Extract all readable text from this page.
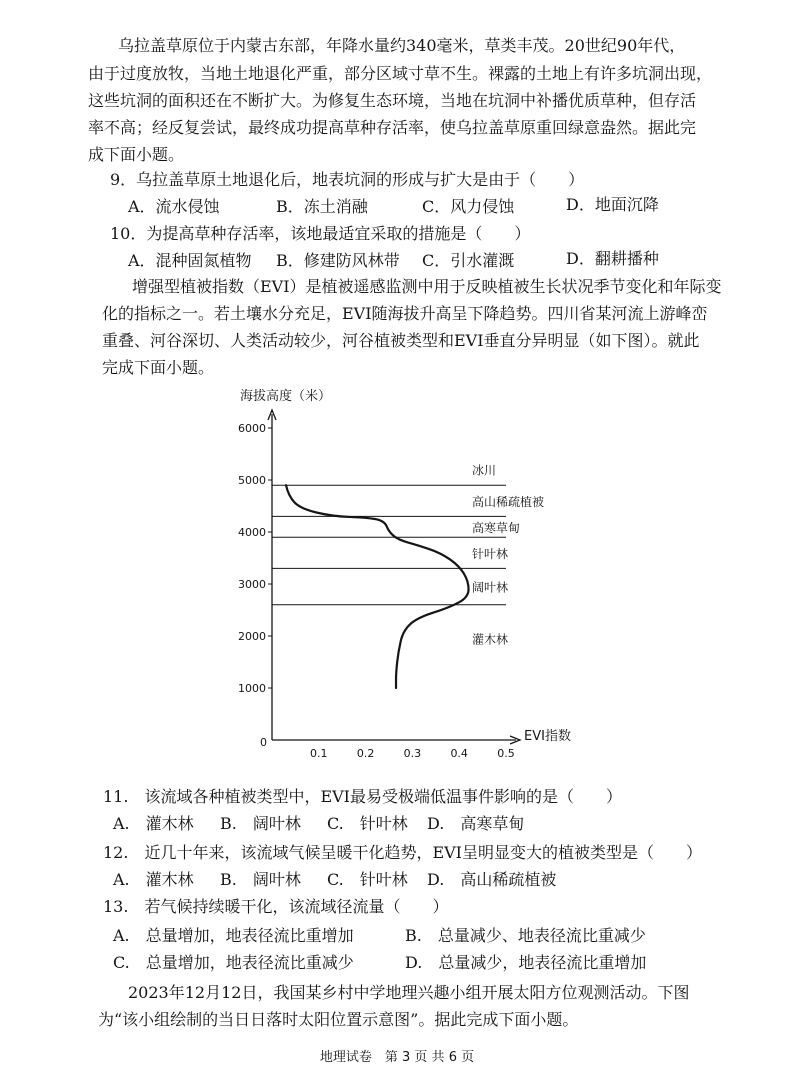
乌拉盖草原位于内蒙古东部，年降水量约340毫米，草类丰茂。20世纪90年代，
由于过度放牧，当地土地退化严重，部分区域寸草不生。裸露的土地上有许多坑洞出现，
这些坑洞的面积还在不断扩大。为修复生态环境，当地在坑洞中补播优质草种，但存活
率不高；经反复尝试，最终成功提高草种存活率，使乌拉盖草原重回绿意盎然。据此完
成下面小题。
9．乌拉盖草原土地退化后，地表坑洞的形成与扩大是由于（　　）
A．流水侵蚀	B．冻土消融	C．风力侵蚀	D．地面沉降
10．为提高草种存活率，该地最适宜采取的措施是（　　）
A．混种固氮植物 B．修建防风林带 C．引水灌溉	D．翻耕播种
增强型植被指数（EVI）是植被遥感监测中用于反映植被生长状况季节变化和年际变
化的指标之一。若土壤水分充足，EVI随海拔升高呈下降趋势。四川省某河流上游峰峦
重叠、河谷深切、人类活动较少，河谷植被类型和EVI垂直分异明显（如下图）。就此
完成下面小题。
0
1000
2000
3000
4000
5000
6000
0.1	0.2	0.3	0.4	0.5
冰川
高山稀疏植被
高寒草甸
针叶林
阔叶林
灌木林
海拔高度（米）
EVI指数
11.　该流域各种植被类型中，EVI最易受极端低温事件影响的是（　　）
A.　灌木林 B.　阔叶林 C.　针叶林 D.　高寒草甸
12.　近几十年来，该流域气候呈暖干化趋势，EVI呈明显变大的植被类型是（　　）
A.　灌木林 B.　阔叶林 C.　针叶林 D.　高山稀疏植被
13.　若气候持续暖干化，该流域径流量（　　）
A.　总量增加，地表径流比重增加	B.　总量减少、地表径流比重减少
C.　总量增加，地表径流比重减少	D.　总量减少，地表径流比重增加
2023年12月12日，我国某乡村中学地理兴趣小组开展太阳方位观测活动。下图
为“该小组绘制的当日日落时太阳位置示意图”。据此完成下面小题。
地理试卷　第 3 页 共 6 页
